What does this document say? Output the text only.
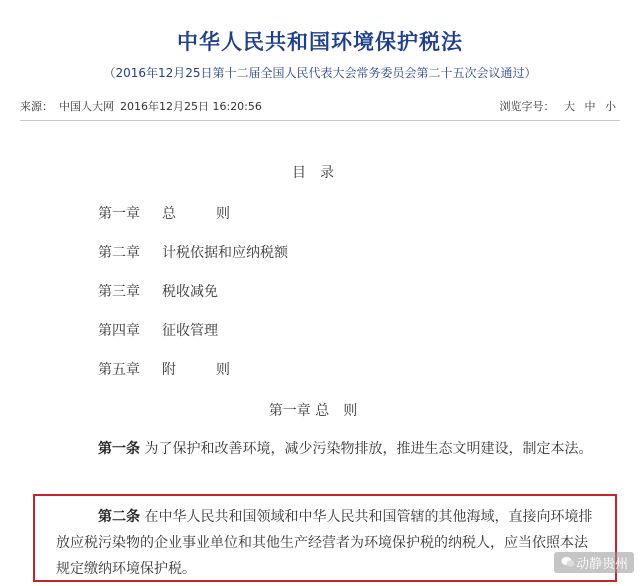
中华人民共和国环境保护税法
（2016年12月25日第十二届全国人民代表大会常务委员会第二十五次会议通过）
来源： 中国人大网 2016年12月25日 16:20:56	浏览字号： 大 中 小
目录
第一章 总则
第二章 计税依据和应纳税额
第三章 税收减免
第四章 征收管理
第五章 附则
第一章 总则
第一条 为了保护和改善环境，减少污染物排放，推进生态文明建设，制定本法。
第二条 在中华人民共和国领域和中华人民共和国管辖的其他海域，直接向环境排放应税污染物的企业事业单位和其他生产经营者为环境保护税的纳税人，应当依照本法规定缴纳环境保护税。	动静贵州
